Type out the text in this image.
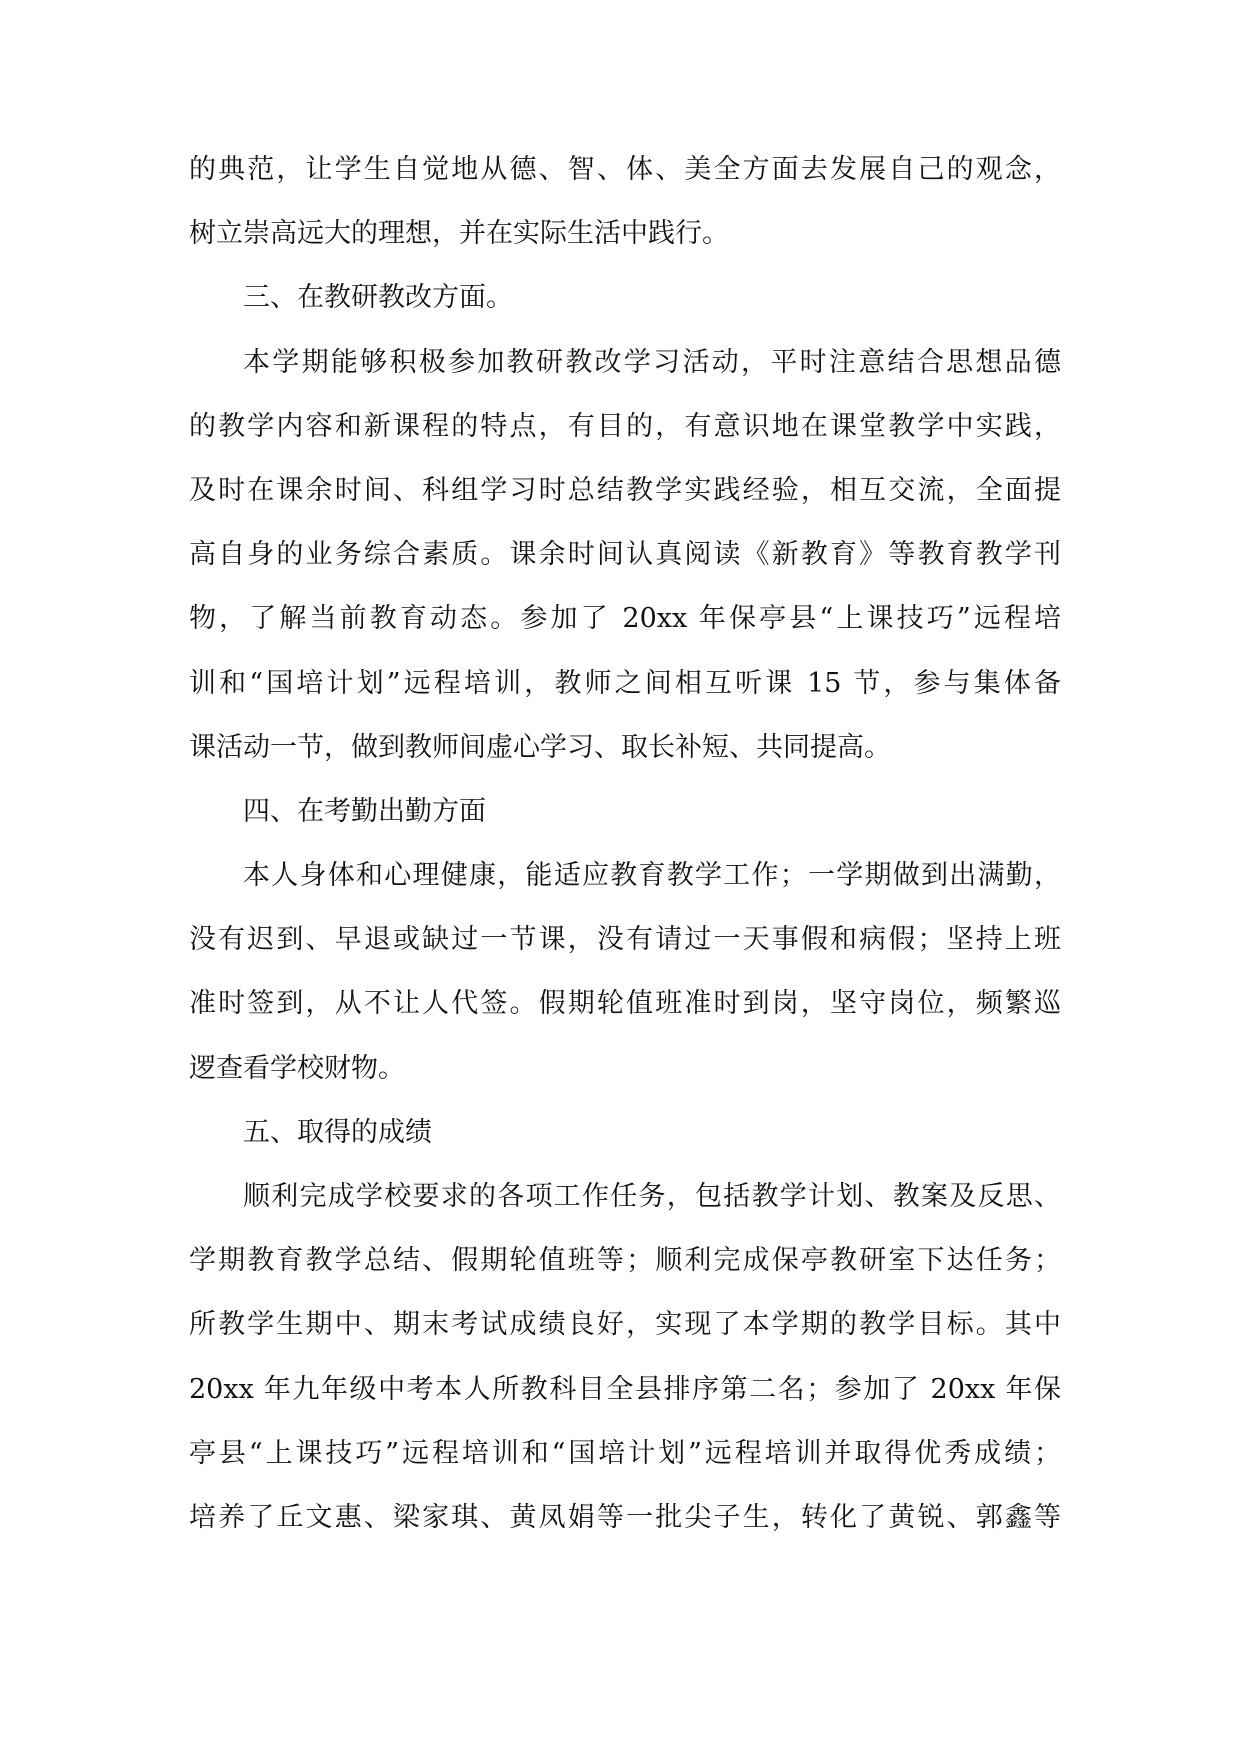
的典范，让学生自觉地从德、智、体、美全方面去发展自己的观念，
树立崇高远大的理想，并在实际生活中践行。
三、在教研教改方面。
本学期能够积极参加教研教改学习活动，平时注意结合思想品德
的教学内容和新课程的特点，有目的，有意识地在课堂教学中实践，
及时在课余时间、科组学习时总结教学实践经验，相互交流，全面提
高自身的业务综合素质。课余时间认真阅读《新教育》等教育教学刊
物，了解当前教育动态。参加了 20xx 年保亭县“上课技巧”远程培
训和“国培计划”远程培训，教师之间相互听课 15 节，参与集体备
课活动一节，做到教师间虚心学习、取长补短、共同提高。
四、在考勤出勤方面
本人身体和心理健康，能适应教育教学工作；一学期做到出满勤，
没有迟到、早退或缺过一节课，没有请过一天事假和病假；坚持上班
准时签到，从不让人代签。假期轮值班准时到岗，坚守岗位，频繁巡
逻查看学校财物。
五、取得的成绩
顺利完成学校要求的各项工作任务，包括教学计划、教案及反思、
学期教育教学总结、假期轮值班等；顺利完成保亭教研室下达任务；
所教学生期中、期末考试成绩良好，实现了本学期的教学目标。其中
20xx 年九年级中考本人所教科目全县排序第二名；参加了 20xx 年保
亭县“上课技巧”远程培训和“国培计划”远程培训并取得优秀成绩；
培养了丘文惠、梁家琪、黄凤娟等一批尖子生，转化了黄锐、郭鑫等
